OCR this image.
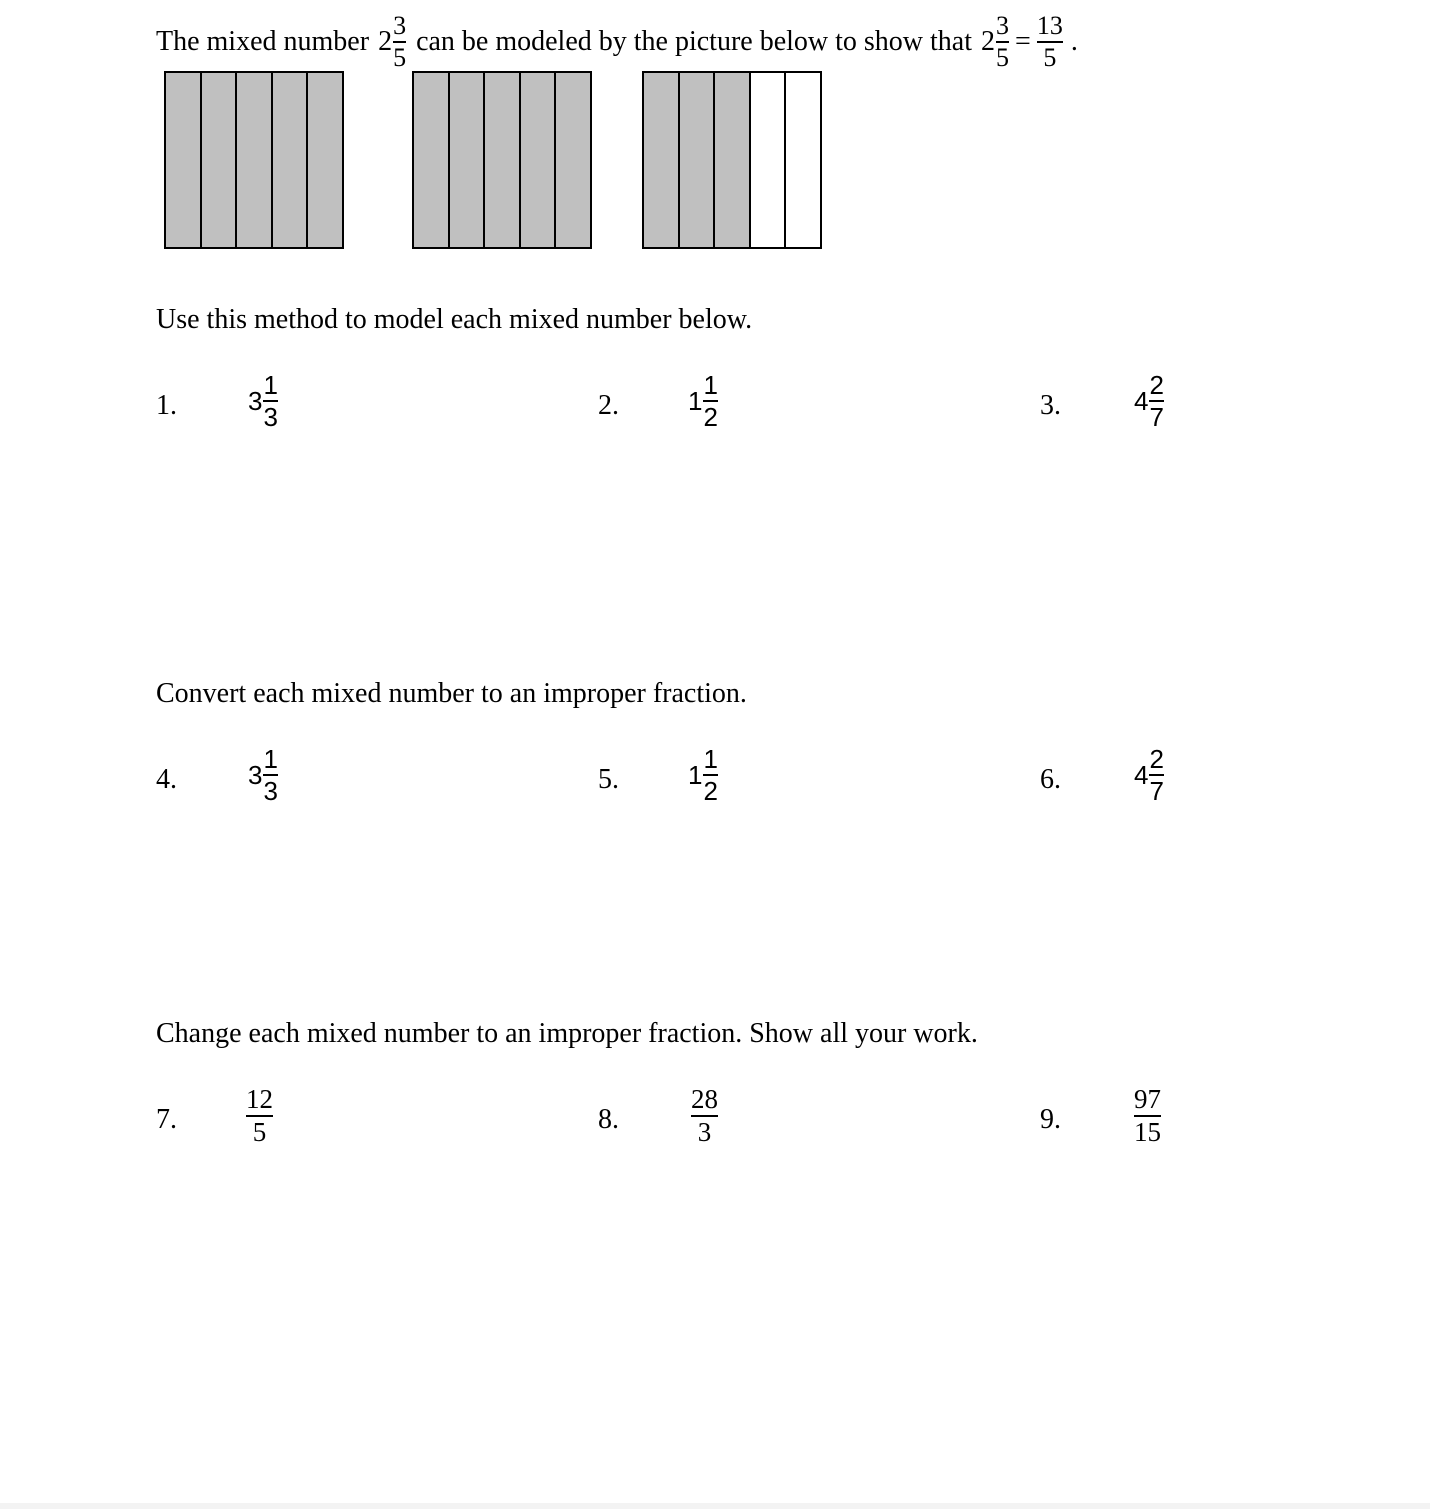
The mixed number $2 \frac{3}{5}$ can be modeled by the picture below to show that $2 \frac{3}{5} = \frac{13}{5}$ .
Use this method to model each mixed number below.
1.	$3 \frac{1}{3}$	2.	$1 \frac{1}{2}$	3.	$4 \frac{2}{7}$
Convert each mixed number to an improper fraction.
4.	$3 \frac{1}{3}$	5.	$1 \frac{1}{2}$	6.	$4 \frac{2}{7}$
Change each mixed number to an improper fraction. Show all your work.
7.	$\frac{12}{5}$	8.	$\frac{28}{3}$	9.	$\frac{97}{15}$
